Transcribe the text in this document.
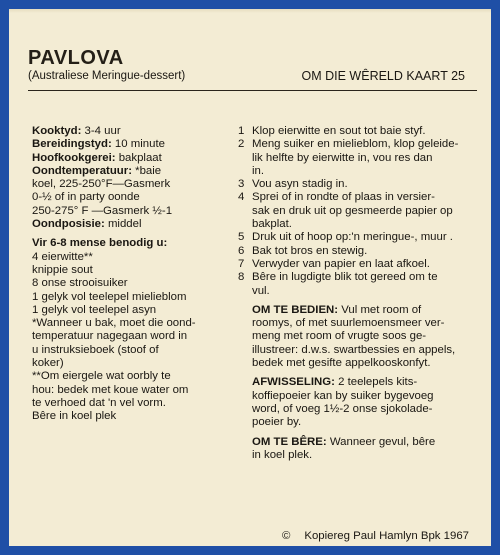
PAVLOVA
(Australiese Meringue-dessert)	OM DIE WÊRELD KAART 25
Kooktyd: 3-4 uur
Bereidingstyd: 10 minute
Hoofkookgerei: bakplaat
Oondtemperatuur: *baie
koel, 225-250°F—Gasmerk
0-½ of in party oonde
250-275° F —Gasmerk ½-1
Oondposisie: middel
Vir 6-8 mense benodig u:
4 eierwitte**
knippie sout
8 onse strooisuiker
1 gelyk vol teelepel mielieblom
1 gelyk vol teelepel asyn
*Wanneer u bak, moet die oond-
temperatuur nagegaan word in
u instruksieboek (stoof of
koker)
**Om eiergele wat oorbly te
hou: bedek met koue water om
te verhoed dat 'n vel vorm.
Bêre in koel plek
1 Klop eierwitte en sout tot baie styf.
2 Meng suiker en mielieblom, klop geleide-
lik helfte by eierwitte in, vou res dan
in.
3 Vou asyn stadig in.
4 Sprei of in rondte of plaas in versier-
sak en druk uit op gesmeerde papier op
bakplat.
5 Druk uit of hoop op:'n meringue-, muur .
6 Bak tot bros en stewig.
7 Verwyder van papier en laat afkoel.
8 Bêre in lugdigte blik tot gereed om te
vul.
OM TE BEDIEN: Vul met room of
roomys, of met suurlemoensmeer ver-
meng met room of vrugte soos ge-
illustreer: d.w.s. swartbessies en appels,
bedek met gesifte appelkooskonfyt.
AFWISSELING: 2 teelepels kits-
koffiepoeier kan by suiker bygevoeg
word, of voeg 1½-2 onse sjokolade-
poeier by.
OM TE BÊRE: Wanneer gevul, bêre
in koel plek.
© Kopiereg Paul Hamlyn Bpk 1967
